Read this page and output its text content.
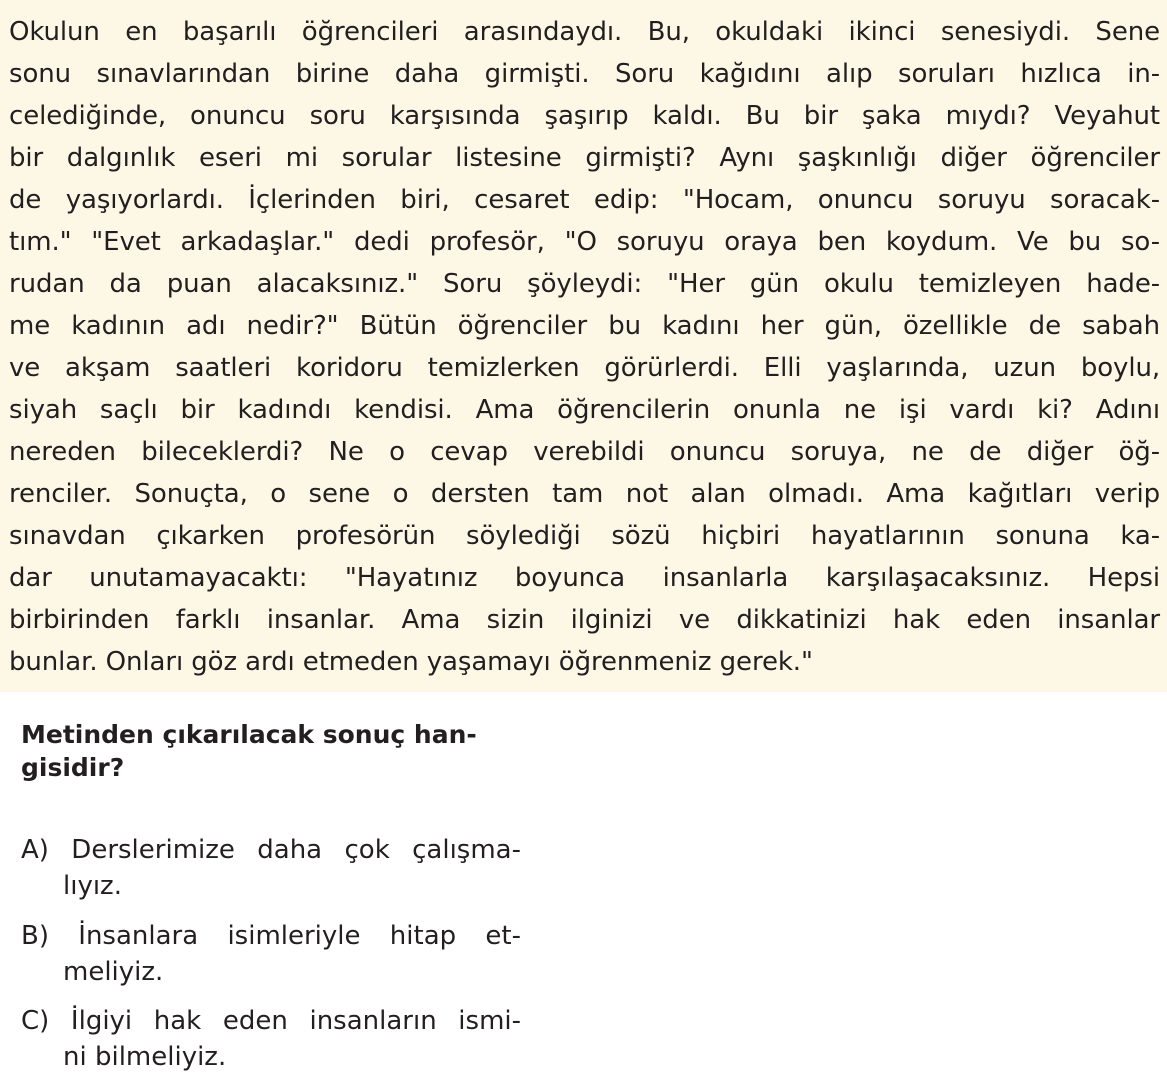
Okulun en başarılı öğrencileri arasındaydı. Bu, okuldaki ikinci senesiydi. Sene
sonu sınavlarından birine daha girmişti. Soru kağıdını alıp soruları hızlıca in-
celediğinde, onuncu soru karşısında şaşırıp kaldı. Bu bir şaka mıydı? Veyahut
bir dalgınlık eseri mi sorular listesine girmişti? Aynı şaşkınlığı diğer öğrenciler
de yaşıyorlardı. İçlerinden biri, cesaret edip: "Hocam, onuncu soruyu soracak-
tım." "Evet arkadaşlar." dedi profesör, "O soruyu oraya ben koydum. Ve bu so-
rudan da puan alacaksınız." Soru şöyleydi: "Her gün okulu temizleyen hade-
me kadının adı nedir?" Bütün öğrenciler bu kadını her gün, özellikle de sabah
ve akşam saatleri koridoru temizlerken görürlerdi. Elli yaşlarında, uzun boylu,
siyah saçlı bir kadındı kendisi. Ama öğrencilerin onunla ne işi vardı ki? Adını
nereden bileceklerdi? Ne o cevap verebildi onuncu soruya, ne de diğer öğ-
renciler. Sonuçta, o sene o dersten tam not alan olmadı. Ama kağıtları verip
sınavdan çıkarken profesörün söylediği sözü hiçbiri hayatlarının sonuna ka-
dar unutamayacaktı: "Hayatınız boyunca insanlarla karşılaşacaksınız. Hepsi
birbirinden farklı insanlar. Ama sizin ilginizi ve dikkatinizi hak eden insanlar
bunlar. Onları göz ardı etmeden yaşamayı öğrenmeniz gerek."
Metinden çıkarılacak sonuç han-
gisidir?
A) Derslerimize daha çok çalışma-
lıyız.
B) İnsanlara isimleriyle hitap et-
meliyiz.
C) İlgiyi hak eden insanların ismi-
ni bilmeliyiz.
